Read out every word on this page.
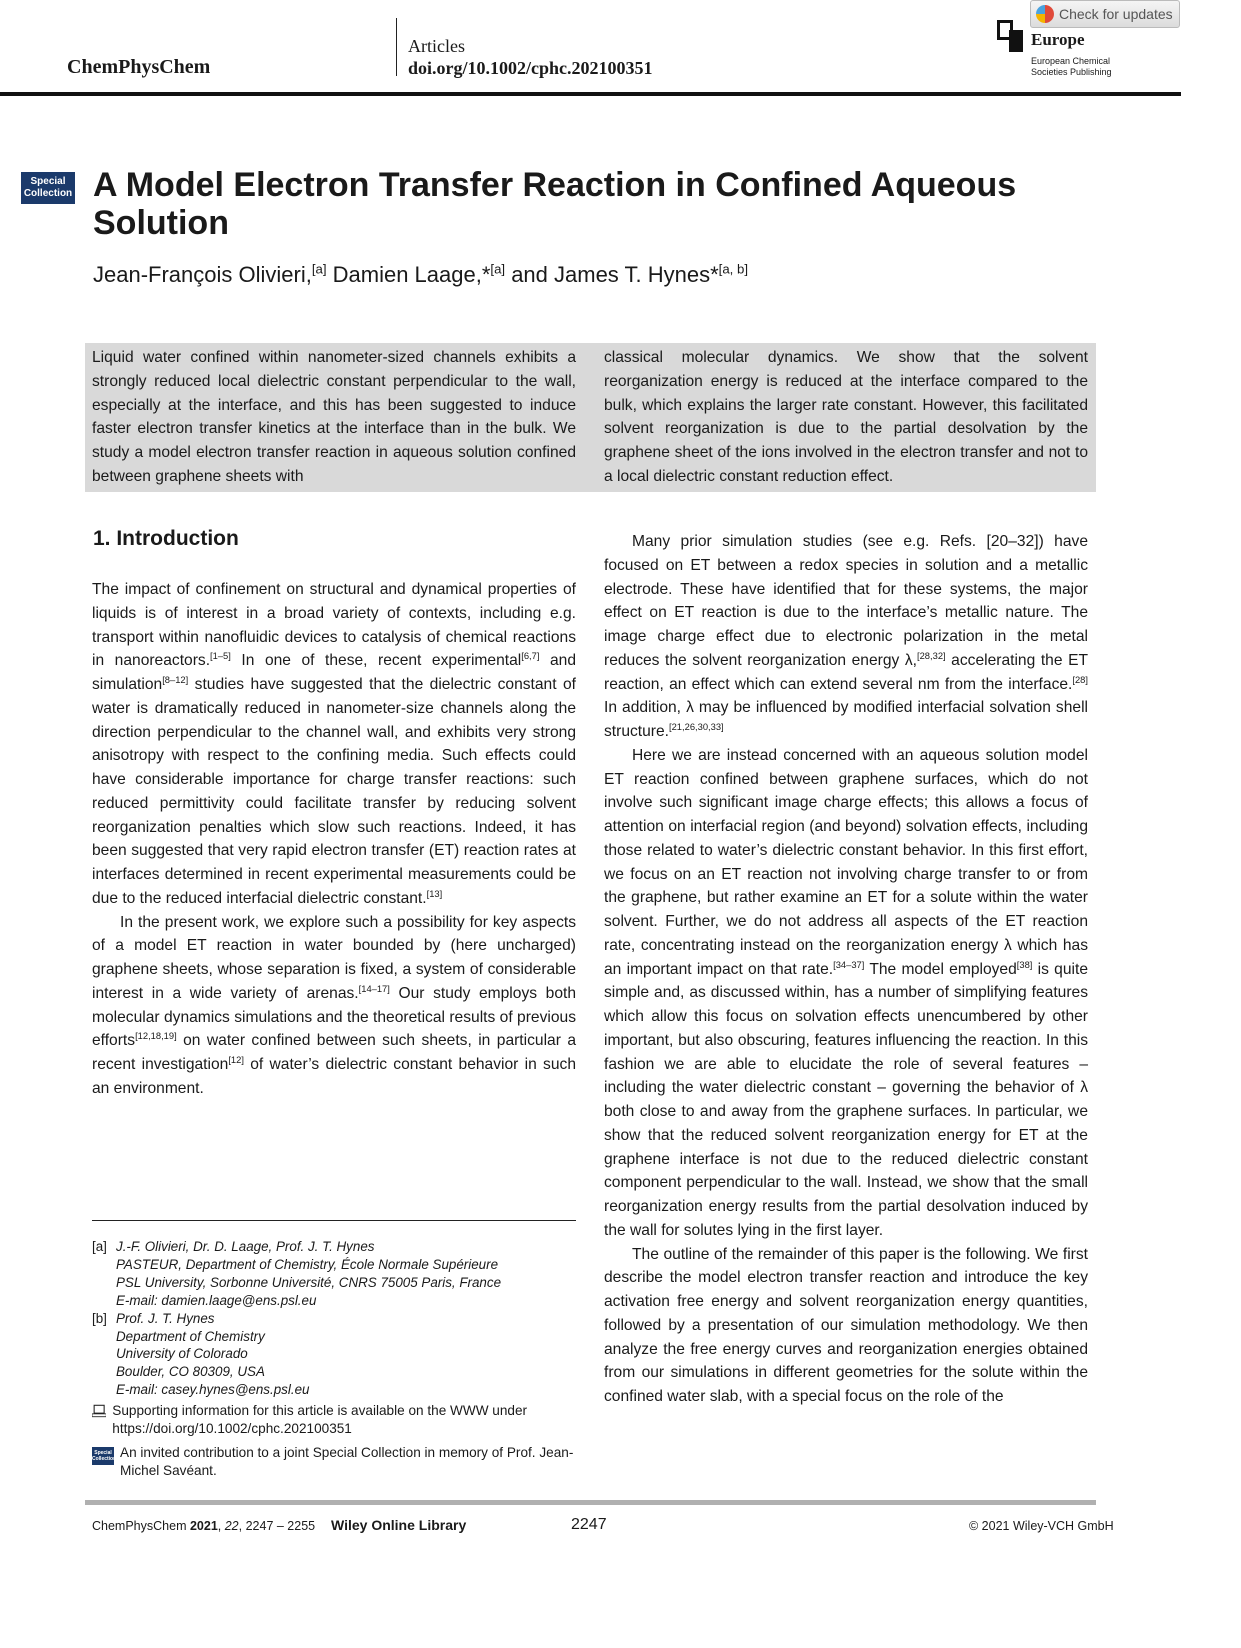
ChemPhysChem
Articles
doi.org/10.1002/cphc.202100351
Europe
European Chemical
Societies Publishing
Check for updates
Special
Collection A Model Electron Transfer Reaction in Confined Aqueous Solution
Jean-François Olivieri,[a] Damien Laage,*[a] and James T. Hynes*[a, b]
Liquid water confined within nanometer-sized channels exhibits a strongly reduced local dielectric constant perpendicular to the wall, especially at the interface, and this has been suggested to induce faster electron transfer kinetics at the interface than in the bulk. We study a model electron transfer reaction in aqueous solution confined between graphene sheets with
classical molecular dynamics. We show that the solvent reorganization energy is reduced at the interface compared to the bulk, which explains the larger rate constant. However, this facilitated solvent reorganization is due to the partial desolvation by the graphene sheet of the ions involved in the electron transfer and not to a local dielectric constant reduction effect.
1. Introduction

The impact of confinement on structural and dynamical properties of liquids is of interest in a broad variety of contexts, including e.g. transport within nanofluidic devices to catalysis of chemical reactions in nanoreactors.[1–5] In one of these, recent experimental[6,7] and simulation[8–12] studies have suggested that the dielectric constant of water is dramatically reduced in nanometer-size channels along the direction perpendicular to the channel wall, and exhibits very strong anisotropy with respect to the confining media. Such effects could have considerable importance for charge transfer reactions: such reduced permittivity could facilitate transfer by reducing solvent reorganization penalties which slow such reactions. Indeed, it has been suggested that very rapid electron transfer (ET) reaction rates at interfaces determined in recent experimental measurements could be due to the reduced interfacial dielectric constant.[13]

In the present work, we explore such a possibility for key aspects of a model ET reaction in water bounded by (here uncharged) graphene sheets, whose separation is fixed, a system of considerable interest in a wide variety of arenas.[14–17] Our study employs both molecular dynamics simulations and the theoretical results of previous efforts[12,18,19] on water confined between such sheets, in particular a recent investigation[12] of water’s dielectric constant behavior in such an environment.

Many prior simulation studies (see e.g. Refs. [20–32]) have focused on ET between a redox species in solution and a metallic electrode. These have identified that for these systems, the major effect on ET reaction is due to the interface’s metallic nature. The image charge effect due to electronic polarization in the metal reduces the solvent reorganization energy λ,[28,32] accelerating the ET reaction, an effect which can extend several nm from the interface.[28] In addition, λ may be influenced by modified interfacial solvation shell structure.[21,26,30,33]

Here we are instead concerned with an aqueous solution model ET reaction confined between graphene surfaces, which do not involve such significant image charge effects; this allows a focus of attention on interfacial region (and beyond) solvation effects, including those related to water’s dielectric constant behavior. In this first effort, we focus on an ET reaction not involving charge transfer to or from the graphene, but rather examine an ET for a solute within the water solvent. Further, we do not address all aspects of the ET reaction rate, concentrating instead on the reorganization energy λ which has an important impact on that rate.[34–37] The model employed[38] is quite simple and, as discussed within, has a number of simplifying features which allow this focus on solvation effects unencumbered by other important, but also obscuring, features influencing the reaction. In this fashion we are able to elucidate the role of several features – including the water dielectric constant – governing the behavior of λ both close to and away from the graphene surfaces. In particular, we show that the reduced solvent reorganization energy for ET at the graphene interface is not due to the reduced dielectric constant component perpendicular to the wall. Instead, we show that the small reorganization energy results from the partial desolvation induced by the wall for solutes lying in the first layer.

The outline of the remainder of this paper is the following. We first describe the model electron transfer reaction and introduce the key activation free energy and solvent reorganization energy quantities, followed by a presentation of our simulation methodology. We then analyze the free energy curves and reorganization energies obtained from our simulations in different geometries for the solute within the confined water slab, with a special focus on the role of the

[a] J.-F. Olivieri, Dr. D. Laage, Prof. J. T. Hynes
PASTEUR, Department of Chemistry, École Normale Supérieure
PSL University, Sorbonne Université, CNRS 75005 Paris, France
E-mail: damien.laage@ens.psl.eu
[b] Prof. J. T. Hynes
Department of Chemistry
University of Colorado
Boulder, CO 80309, USA
E-mail: casey.hynes@ens.psl.eu
Supporting information for this article is available on the WWW under https://doi.org/10.1002/cphc.202100351
Special Collection An invited contribution to a joint Special Collection in memory of Prof. Jean-Michel Savéant.
ChemPhysChem 2021, 22, 2247 – 2255 Wiley Online Library	2247	© 2021 Wiley-VCH GmbH
